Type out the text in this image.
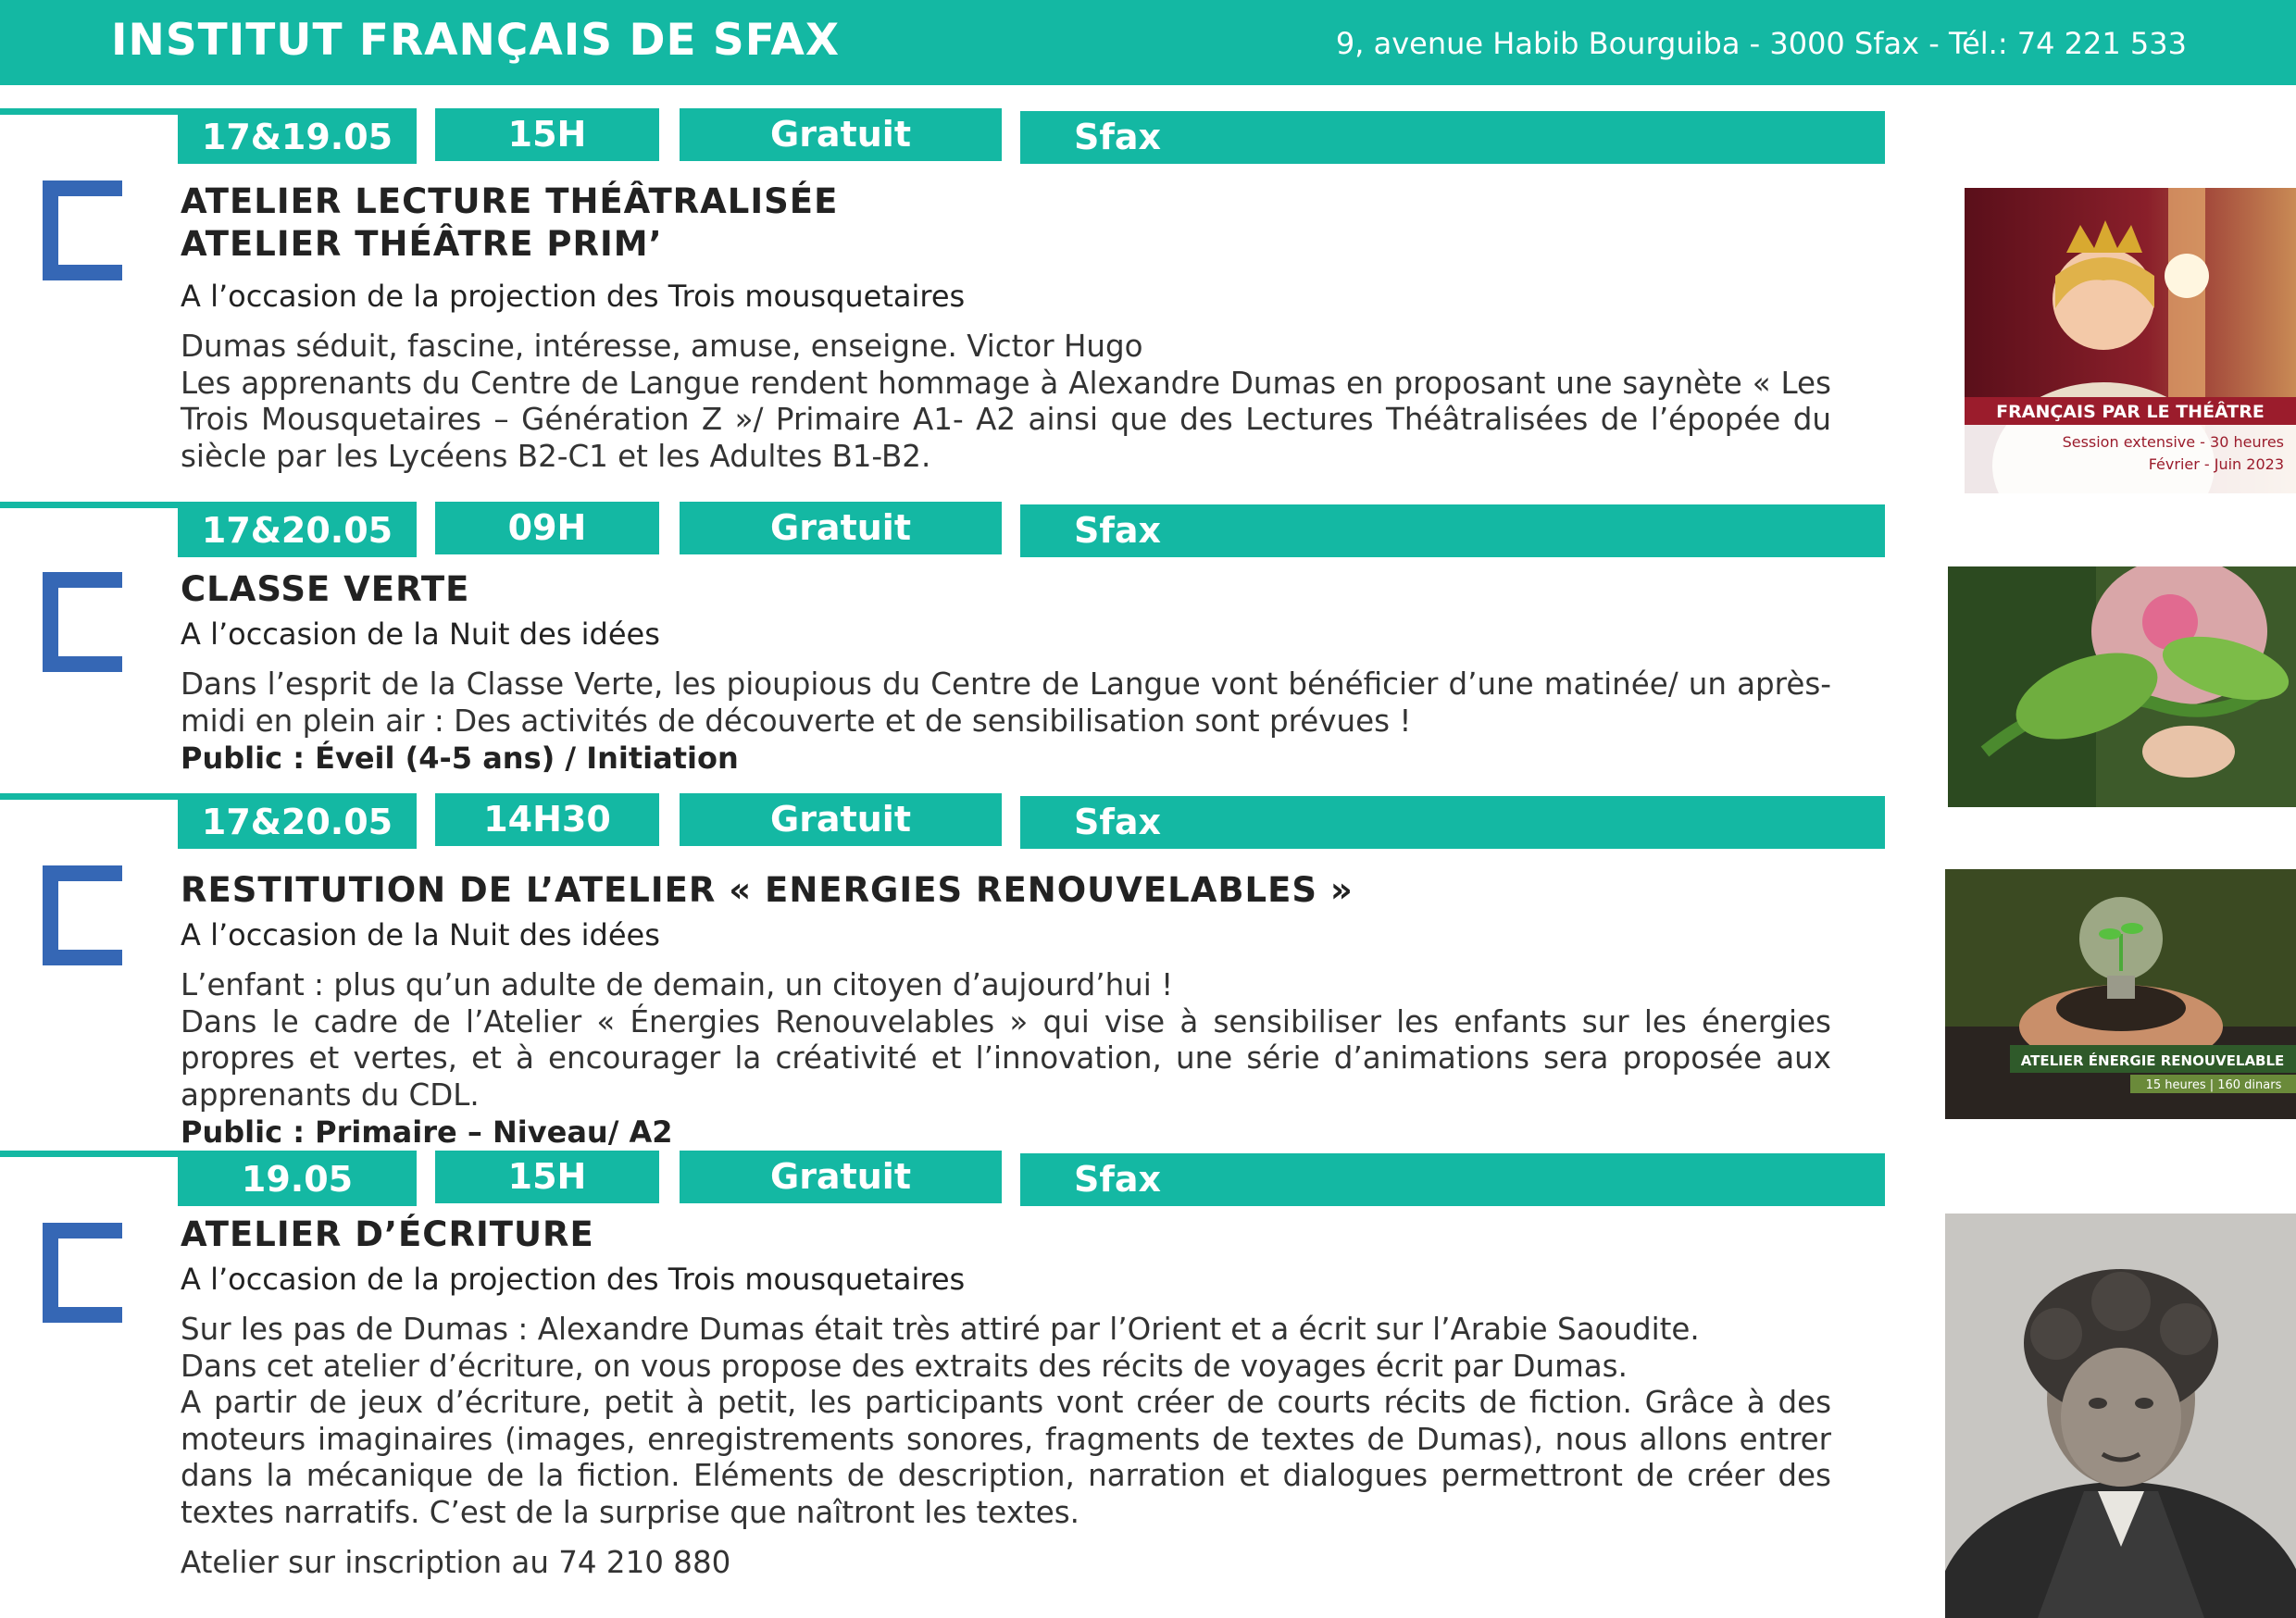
INSTITUT FRANÇAIS DE SFAX	9, avenue Habib Bourguiba - 3000 Sfax - Tél.: 74 221 533
17&19.05	15H	Gratuit	Sfax
ATELIER LECTURE THÉÂTRALISÉE
ATELIER THÉÂTRE PRIM’
A l’occasion de la projection des Trois mousquetaires
Dumas séduit, fascine, intéresse, amuse, enseigne. Victor Hugo
Les apprenants du Centre de Langue rendent hommage à Alexandre Dumas en proposant une saynète « Les Trois Mousquetaires – Génération Z »/ Primaire A1- A2 ainsi que des Lectures Théâtralisées de l’épopée du siècle par les Lycéens B2-C1 et les Adultes B1-B2.
FRANÇAIS PAR LE THÉÂTRE
Session extensive - 30 heures
Février - Juin 2023
17&20.05	09H	Gratuit	Sfax
CLASSE VERTE
A l’occasion de la Nuit des idées
Dans l’esprit de la Classe Verte, les pioupious du Centre de Langue vont bénéficier d’une matinée/ un après-midi en plein air : Des activités de découverte et de sensibilisation sont prévues !
Public : Éveil (4-5 ans) / Initiation
17&20.05	14H30	Gratuit	Sfax
RESTITUTION DE L’ATELIER « ENERGIES RENOUVELABLES »
A l’occasion de la Nuit des idées
L’enfant : plus qu’un adulte de demain, un citoyen d’aujourd’hui !
Dans le cadre de l’Atelier « Énergies Renouvelables » qui vise à sensibiliser les enfants sur les énergies propres et vertes, et à encourager la créativité et l’innovation, une série d’animations sera proposée aux apprenants du CDL.
Public : Primaire – Niveau/ A2
ATELIER ÉNERGIE RENOUVELABLE
15 heures | 160 dinars
19.05	15H	Gratuit	Sfax
ATELIER D’ÉCRITURE
A l’occasion de la projection des Trois mousquetaires
Sur les pas de Dumas : Alexandre Dumas était très attiré par l’Orient et a écrit sur l’Arabie Saoudite.
Dans cet atelier d’écriture, on vous propose des extraits des récits de voyages écrit par Dumas.
A partir de jeux d’écriture, petit à petit, les participants vont créer de courts récits de fiction. Grâce à des moteurs imaginaires (images, enregistrements sonores, fragments de textes de Dumas), nous allons entrer dans la mécanique de la fiction. Eléments de description, narration et dialogues permettront de créer des textes narratifs. C’est de la surprise que naîtront les textes.
Atelier sur inscription au 74 210 880
